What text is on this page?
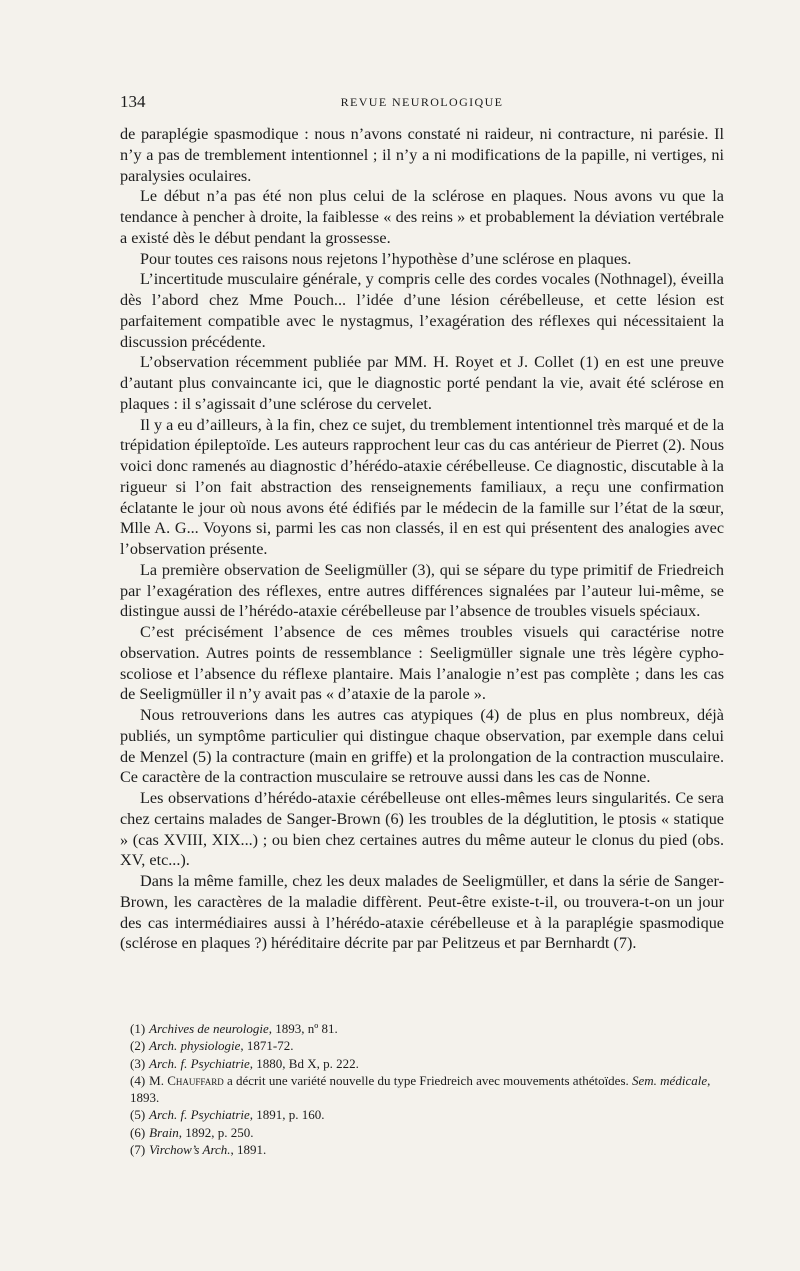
134	REVUE NEUROLOGIQUE

de paraplégie spasmodique : nous n’avons constaté ni raideur, ni contracture, ni parésie. Il n’y a pas de tremblement intentionnel ; il n’y a ni modifications de la papille, ni vertiges, ni paralysies oculaires.

Le début n’a pas été non plus celui de la sclérose en plaques. Nous avons vu que la tendance à pencher à droite, la faiblesse « des reins » et probablement la déviation vertébrale a existé dès le début pendant la grossesse.

Pour toutes ces raisons nous rejetons l’hypothèse d’une sclérose en plaques.

L’incertitude musculaire générale, y compris celle des cordes vocales (Nothnagel), éveilla dès l’abord chez Mme Pouch... l’idée d’une lésion cérébelleuse, et cette lésion est parfaitement compatible avec le nystagmus, l’exagération des réflexes qui nécessitaient la discussion précédente.

L’observation récemment publiée par MM. H. Royet et J. Collet (1) en est une preuve d’autant plus convaincante ici, que le diagnostic porté pendant la vie, avait été sclérose en plaques : il s’agissait d’une sclérose du cervelet.

Il y a eu d’ailleurs, à la fin, chez ce sujet, du tremblement intentionnel très marqué et de la trépidation épileptoïde. Les auteurs rapprochent leur cas du cas antérieur de Pierret (2). Nous voici donc ramenés au diagnostic d’hérédo-ataxie cérébelleuse. Ce diagnostic, discutable à la rigueur si l’on fait abstraction des renseignements familiaux, a reçu une confirmation éclatante le jour où nous avons été édifiés par le médecin de la famille sur l’état de la sœur, Mlle A. G... Voyons si, parmi les cas non classés, il en est qui présentent des analogies avec l’observation présente.

La première observation de Seeligmüller (3), qui se sépare du type primitif de Friedreich par l’exagération des réflexes, entre autres différences signalées par l’auteur lui-même, se distingue aussi de l’hérédo-ataxie cérébelleuse par l’absence de troubles visuels spéciaux.

C’est précisément l’absence de ces mêmes troubles visuels qui caractérise notre observation. Autres points de ressemblance : Seeligmüller signale une très légère cypho-scoliose et l’absence du réflexe plantaire. Mais l’analogie n’est pas complète ; dans les cas de Seeligmüller il n’y avait pas « d’ataxie de la parole ».

Nous retrouverions dans les autres cas atypiques (4) de plus en plus nombreux, déjà publiés, un symptôme particulier qui distingue chaque observation, par exemple dans celui de Menzel (5) la contracture (main en griffe) et la prolongation de la contraction musculaire. Ce caractère de la contraction musculaire se retrouve aussi dans les cas de Nonne.

Les observations d’hérédo-ataxie cérébelleuse ont elles-mêmes leurs singularités. Ce sera chez certains malades de Sanger-Brown (6) les troubles de la déglutition, le ptosis « statique » (cas XVIII, XIX...) ; ou bien chez certaines autres du même auteur le clonus du pied (obs. XV, etc...).

Dans la même famille, chez les deux malades de Seeligmüller, et dans la série de Sanger-Brown, les caractères de la maladie diffèrent. Peut-être existe-t-il, ou trouvera-t-on un jour des cas intermédiaires aussi à l’hérédo-ataxie cérébelleuse et à la paraplégie spasmodique (sclérose en plaques ?) héréditaire décrite par par Pelitzeus et par Bernhardt (7).

(1) Archives de neurologie, 1893, nº 81.

(2) Arch. physiologie, 1871-72.

(3) Arch. f. Psychiatrie, 1880, Bd X, p. 222.

(4) M. Chauffard a décrit une variété nouvelle du type Friedreich avec mouvements athétoïdes. Sem. médicale, 1893.

(5) Arch. f. Psychiatrie, 1891, p. 160.

(6) Brain, 1892, p. 250.

(7) Virchow’s Arch., 1891.
